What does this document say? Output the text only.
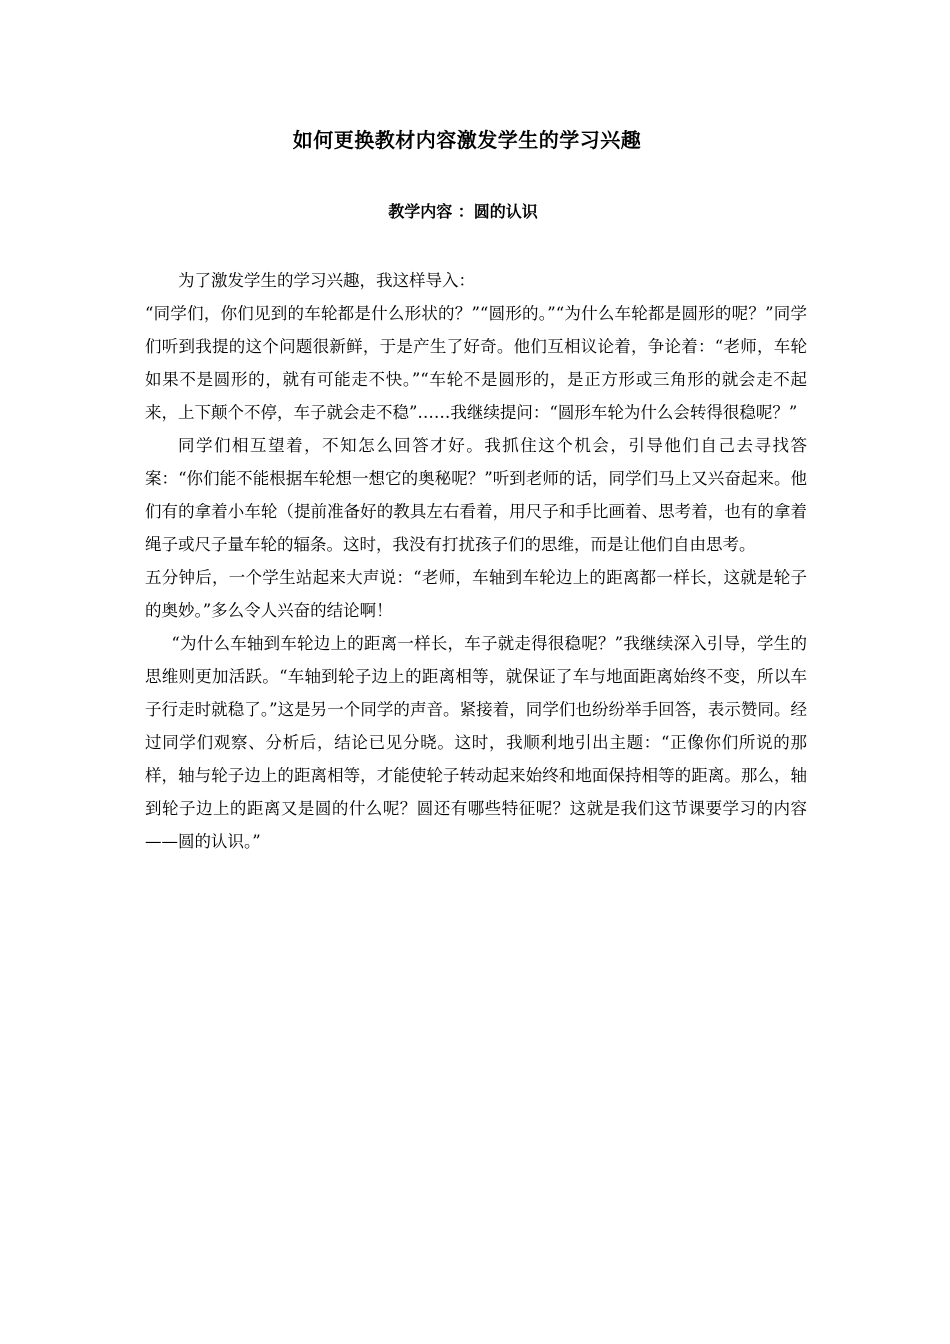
如何更换教材内容激发学生的学习兴趣
教学内容 ：圆的认识

为了激发学生的学习兴趣，我这样导入：

“同学们，你们见到的车轮都是什么形状的？”“圆形的。”“为什么车轮都是圆形的呢？”同学们听到我提的这个问题很新鲜，于是产生了好奇。他们互相议论着，争论着：“老师，车轮如果不是圆形的，就有可能走不快。”“车轮不是圆形的，是正方形或三角形的就会走不起来，上下颠个不停，车子就会走不稳”……我继续提问：“圆形车轮为什么会转得很稳呢？”

同学们相互望着，不知怎么回答才好。我抓住这个机会，引导他们自己去寻找答案：“你们能不能根据车轮想一想它的奥秘呢？”听到老师的话，同学们马上又兴奋起来。他们有的拿着小车轮（提前准备好的教具左右看着，用尺子和手比画着、思考着，也有的拿着绳子或尺子量车轮的辐条。这时，我没有打扰孩子们的思维，而是让他们自由思考。

五分钟后，一个学生站起来大声说：“老师，车轴到车轮边上的距离都一样长，这就是轮子的奥妙。”多么令人兴奋的结论啊！

“为什么车轴到车轮边上的距离一样长，车子就走得很稳呢？”我继续深入引导，学生的思维则更加活跃。“车轴到轮子边上的距离相等，就保证了车与地面距离始终不变，所以车子行走时就稳了。”这是另一个同学的声音。紧接着，同学们也纷纷举手回答，表示赞同。经过同学们观察、分析后，结论已见分晓。这时，我顺利地引出主题：“正像你们所说的那样，轴与轮子边上的距离相等，才能使轮子转动起来始终和地面保持相等的距离。那么，轴到轮子边上的距离又是圆的什么呢？圆还有哪些特征呢？这就是我们这节课要学习的内容——圆的认识。”
